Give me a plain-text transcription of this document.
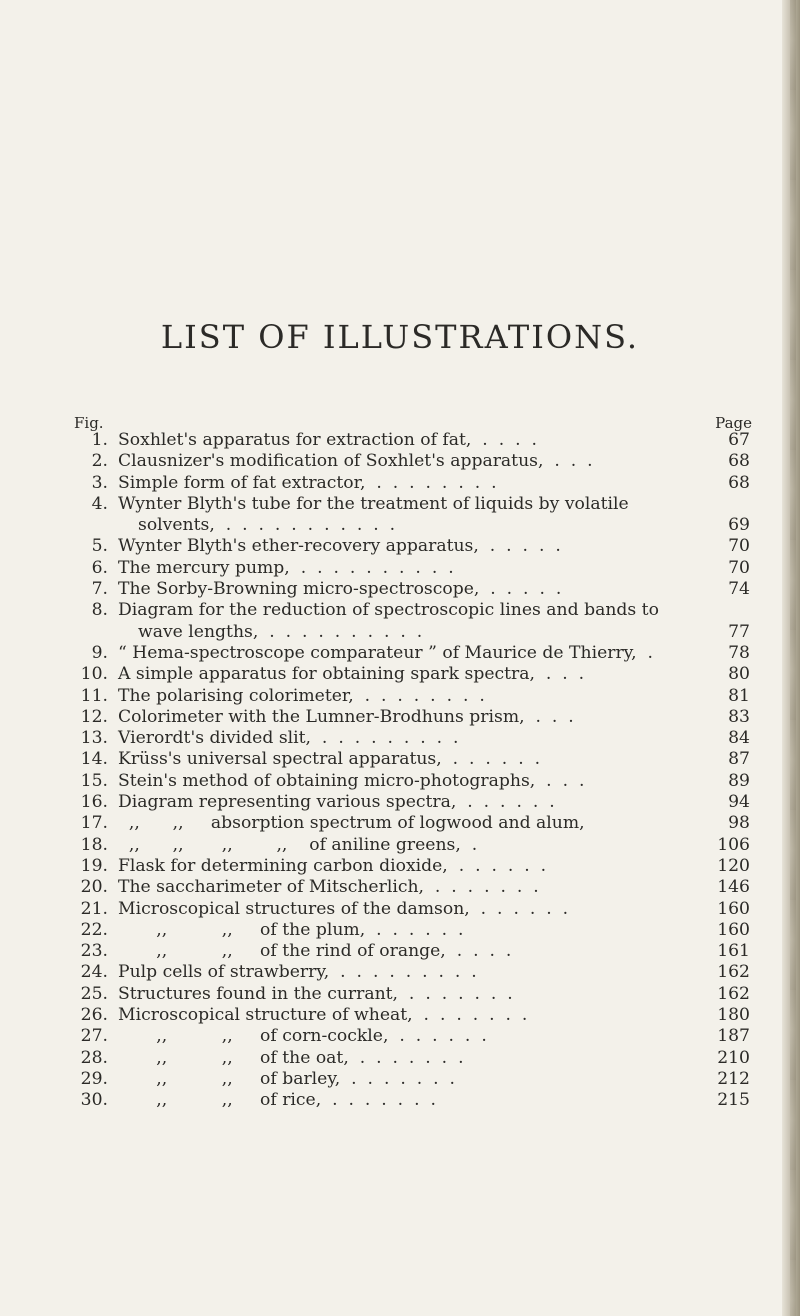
LIST OF ILLUSTRATIONS.
Fig.	Page
1. Soxhlet's apparatus for extraction of fat,  .  .  .  .	67
2. Clausnizer's modification of Soxhlet's apparatus,  .  .  .	68
3. Simple form of fat extractor,  .  .  .  .  .  .  .  .	68
4. Wynter Blyth's tube for the treatment of liquids by volatile
solvents,  .  .  .  .  .  .  .  .  .  .  .	69
5. Wynter Blyth's ether-recovery apparatus,  .  .  .  .  .	70
6. The mercury pump,  .  .  .  .  .  .  .  .  .  .	70
7. The Sorby-Browning micro-spectroscope,  .  .  .  .  .	74
8. Diagram for the reduction of spectroscopic lines and bands to
wave lengths,  .  .  .  .  .  .  .  .  .  .	77
9. “ Hema-spectroscope comparateur ” of Maurice de Thierry,  .	78
10. A simple apparatus for obtaining spark spectra,  .  .  .	80
11. The polarising colorimeter,  .  .  .  .  .  .  .  .	81
12. Colorimeter with the Lumner-Brodhuns prism,  .  .  .	83
13. Vierordt's divided slit,  .  .  .  .  .  .  .  .  .	84
14. Krüss's universal spectral apparatus,  .  .  .  .  .  .	87
15. Stein's method of obtaining micro-photographs,  .  .  .	89
16. Diagram representing various spectra,  .  .  .  .  .  .	94
17. ,,      ,,     absorption spectrum of logwood and alum,	98
18. ,,      ,,       ,,        ,,    of aniline greens,  .	106
19. Flask for determining carbon dioxide,  .  .  .  .  .  .	120
20. The saccharimeter of Mitscherlich,  .  .  .  .  .  .  .	146
21. Microscopical structures of the damson,  .  .  .  .  .  .	160
22. ,,          ,,     of the plum,  .  .  .  .  .  .	160
23. ,,          ,,     of the rind of orange,  .  .  .  .	161
24. Pulp cells of strawberry,  .  .  .  .  .  .  .  .  .	162
25. Structures found in the currant,  .  .  .  .  .  .  .	162
26. Microscopical structure of wheat,  .  .  .  .  .  .  .	180
27. ,,          ,,     of corn-cockle,  .  .  .  .  .  .	187
28. ,,          ,,     of the oat,  .  .  .  .  .  .  .	210
29. ,,          ,,     of barley,  .  .  .  .  .  .  .	212
30. ,,          ,,     of rice,  .  .  .  .  .  .  .	215
